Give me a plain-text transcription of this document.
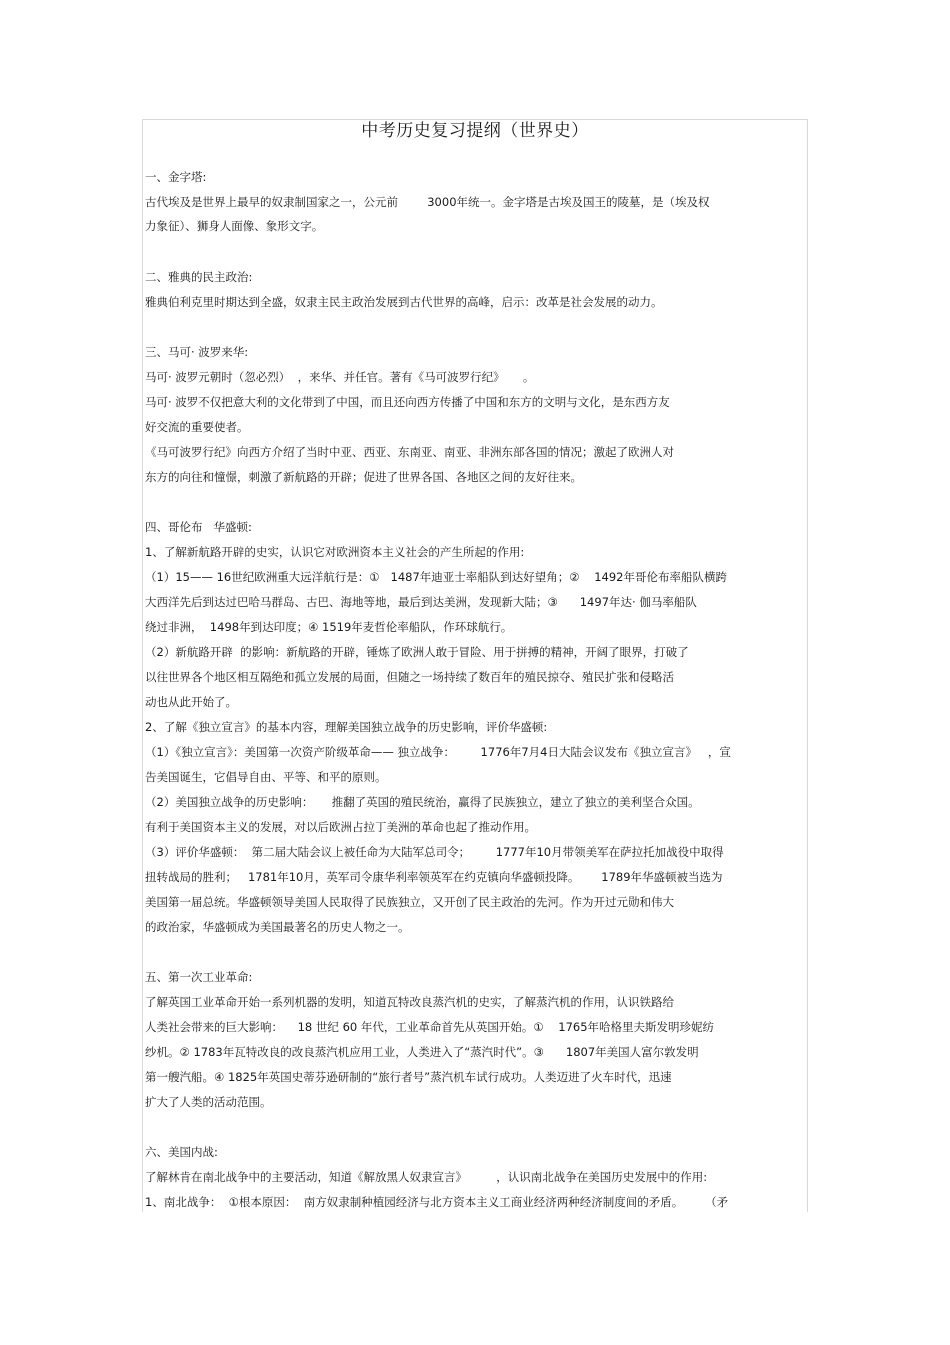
中考历史复习提纲（世界史）
一、金字塔:
古代埃及是世界上最早的奴隶制国家之一，公元前        3000年统一。金字塔是古埃及国王的陵墓，是（埃及权
力象征）、狮身人面像、象形文字。
二、雅典的民主政治:
雅典伯利克里时期达到全盛，奴隶主民主政治发展到古代世界的高峰，启示：改革是社会发展的动力。
三、马可· 波罗来华:
马可· 波罗元朝时（忽必烈）  ，来华、并任官。著有《马可波罗行纪》     。
马可· 波罗不仅把意大利的文化带到了中国，而且还向西方传播了中国和东方的文明与文化，是东西方友
好交流的重要使者。
《马可波罗行纪》向西方介绍了当时中亚、西亚、东南亚、南亚、非洲东部各国的情况；激起了欧洲人对
东方的向往和憧憬，刺激了新航路的开辟；促进了世界各国、各地区之间的友好往来。
四、哥伦布   华盛顿:
1、了解新航路开辟的史实，认识它对欧洲资本主义社会的产生所起的作用:
（1）15—— 16世纪欧洲重大远洋航行是：①   1487年迪亚士率船队到达好望角；②    1492年哥伦布率船队横跨
大西洋先后到达过巴哈马群岛、古巴、海地等地，最后到达美洲，发现新大陆；③      1497年达· 伽马率船队
绕过非洲，  1498年到达印度；④ 1519年麦哲伦率船队，作环球航行。
（2）新航路开辟  的影响：新航路的开辟，锤炼了欧洲人敢于冒险、用于拼搏的精神，开阔了眼界，打破了
以往世界各个地区相互隔绝和孤立发展的局面，但随之一场持续了数百年的殖民掠夺、殖民扩张和侵略活
动也从此开始了。
2、了解《独立宣言》的基本内容，理解美国独立战争的历史影响，评价华盛顿:
（1）《独立宣言》：美国第一次资产阶级革命—— 独立战争：       1776年7月4日大陆会议发布《独立宣言》   ，宣
告美国诞生，它倡导自由、平等、和平的原则。
（2）美国独立战争的历史影响：     推翻了英国的殖民统治，赢得了民族独立，建立了独立的美利坚合众国。
有利于美国资本主义的发展，对以后欧洲占拉丁美洲的革命也起了推动作用。
（3）评价华盛顿：  第二届大陆会议上被任命为大陆军总司令；       1777年10月带领美军在萨拉托加战役中取得
扭转战局的胜利；   1781年10月，英军司令康华利率领英军在约克镇向华盛顿投降。      1789年华盛顿被当选为
美国第一届总统。华盛顿领导美国人民取得了民族独立，又开创了民主政治的先河。作为开过元勋和伟大
的政治家，华盛顿成为美国最著名的历史人物之一。
五、第一次工业革命:
了解英国工业革命开始一系列机器的发明，知道瓦特改良蒸汽机的史实，了解蒸汽机的作用，认识铁路给
人类社会带来的巨大影响：    18 世纪 60 年代，工业革命首先从英国开始。①    1765年哈格里夫斯发明珍妮纺
纱机。② 1783年瓦特改良的改良蒸汽机应用工业，人类进入了“蒸汽时代”。③      1807年美国人富尔敦发明
第一艘汽船。④ 1825年英国史蒂芬逊研制的“旅行者号”蒸汽机车试行成功。人类迈进了火车时代，迅速
扩大了人类的活动范围。
六、美国内战:
了解林肯在南北战争中的主要活动，知道《解放黑人奴隶宣言》        ，认识南北战争在美国历史发展中的作用:
1、南北战争：  ①根本原因：  南方奴隶制种植园经济与北方资本主义工商业经济两种经济制度间的矛盾。      （矛
